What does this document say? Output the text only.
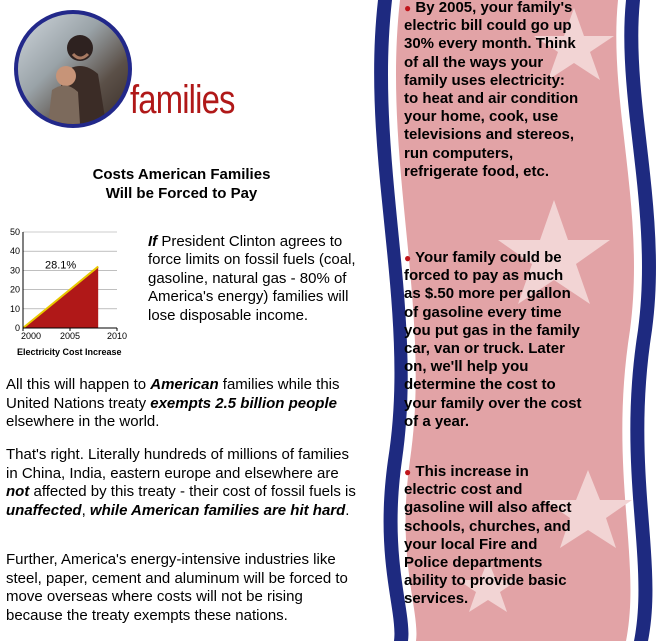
families
Costs American Families
Will be Forced to Pay
0
10
20
30
40
50
2000 2005	2010
28.1%
Electricity Cost Increase
If President Clinton agrees to force limits on fossil fuels (coal, gasoline, natural gas - 80% of America's energy) families will lose disposable income.
All this will happen to American families while this United Nations treaty exempts 2.5 billion people elsewhere in the world.
That's right. Literally hundreds of millions of families in China, India, eastern europe and elsewhere are not affected by this treaty - their cost of fossil fuels is unaffected, while American families are hit hard.
Further, America's energy-intensive industries like steel, paper, cement and aluminum will be forced to move overseas where costs will not be rising because the treaty exempts these nations.
● By 2005, your family's electric bill could go up 30% every month. Think of all the ways your family uses electricity: to heat and air condition your home, cook, use televisions and stereos, run computers, refrigerate food, etc.
● Your family could be forced to pay as much as $.50 more per gallon of gasoline every time you put gas in the family car, van or truck. Later on, we'll help you determine the cost to your family over the cost of a year.
● This increase in electric cost and gasoline will also affect schools, churches, and your local Fire and Police departments ability to provide basic services.
